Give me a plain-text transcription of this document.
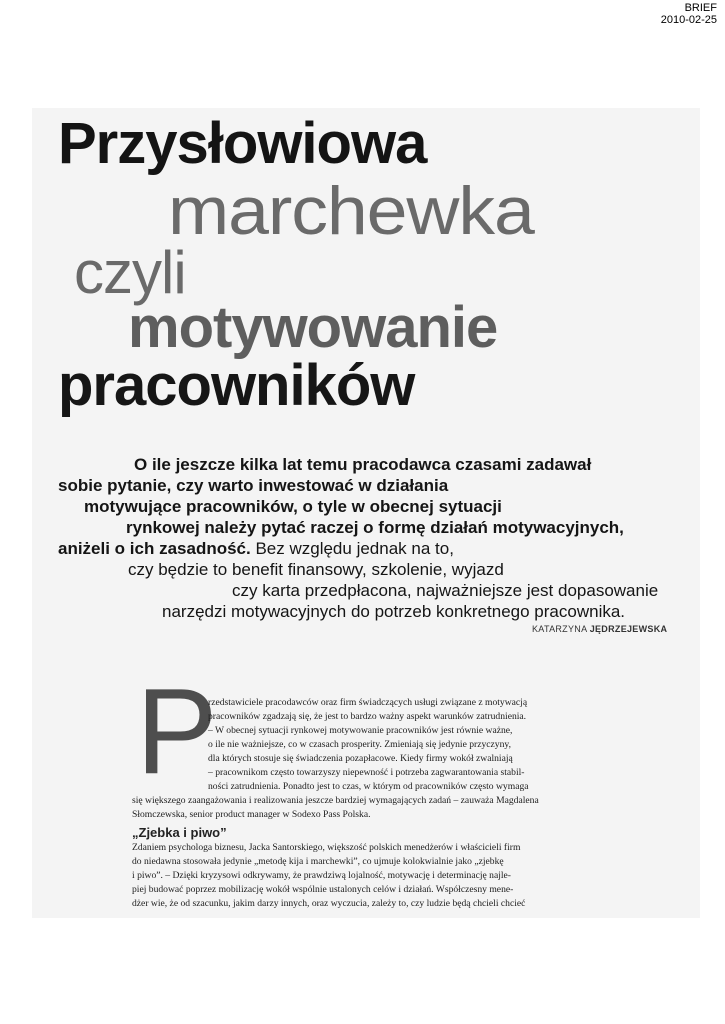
BRIEF
2010-02-25
Przysłowiowa
marchewka
czyli
motywowanie
pracowników
O ile jeszcze kilka lat temu pracodawca czasami zadawał
sobie pytanie, czy warto inwestować w działania
motywujące pracowników, o tyle w obecnej sytuacji
rynkowej należy pytać raczej o formę działań motywacyjnych,
aniżeli o ich zasadność. Bez względu jednak na to,
czy będzie to benefit finansowy, szkolenie, wyjazd
czy karta przedpłacona, najważniejsze jest dopasowanie
narzędzi motywacyjnych do potrzeb konkretnego pracownika.
KATARZYNA JĘDRZEJEWSKA
P
rzedstawiciele pracodawców oraz firm świadczących usługi związane z motywacją
pracowników zgadzają się, że jest to bardzo ważny aspekt warunków zatrudnienia.
– W obecnej sytuacji rynkowej motywowanie pracowników jest równie ważne,
o ile nie ważniejsze, co w czasach prosperity. Zmieniają się jedynie przyczyny,
dla których stosuje się świadczenia pozapłacowe. Kiedy firmy wokół zwalniają
– pracownikom często towarzyszy niepewność i potrzeba zagwarantowania stabil-
ności zatrudnienia. Ponadto jest to czas, w którym od pracowników często wymaga
się większego zaangażowania i realizowania jeszcze bardziej wymagających zadań – zauważa Magdalena
Słomczewska, senior product manager w Sodexo Pass Polska.
„Zjebka i piwo”
Zdaniem psychologa biznesu, Jacka Santorskiego, większość polskich menedżerów i właścicieli firm
do niedawna stosowała jedynie „metodę kija i marchewki”, co ujmuje kolokwialnie jako „zjebkę
i piwo”. – Dzięki kryzysowi odkrywamy, że prawdziwą lojalność, motywację i determinację najle-
piej budować poprzez mobilizację wokół wspólnie ustalonych celów i działań. Współczesny mene-
dżer wie, że od szacunku, jakim darzy innych, oraz wyczucia, zależy to, czy ludzie będą chcieli chcieć
